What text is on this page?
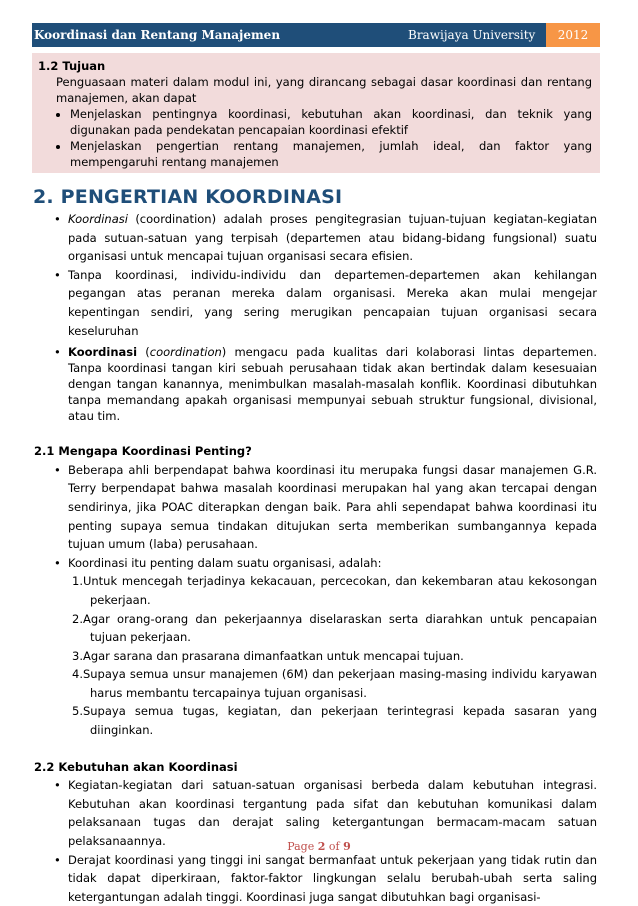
Koordinasi dan Rentang Manajemen	Brawijaya University	2012
1.2 Tujuan
Penguasaan materi dalam modul ini, yang dirancang sebagai dasar koordinasi dan rentang manajemen, akan dapat
• Menjelaskan pentingnya koordinasi, kebutuhan akan koordinasi, dan teknik yang digunakan pada pendekatan pencapaian koordinasi efektif
• Menjelaskan pengertian rentang manajemen, jumlah ideal, dan faktor yang mempengaruhi rentang manajemen
2. PENGERTIAN KOORDINASI
• Koordinasi (coordination) adalah proses pengitegrasian tujuan-tujuan kegiatan-kegiatan pada sutuan-satuan yang terpisah (departemen atau bidang-bidang fungsional) suatu organisasi untuk mencapai tujuan organisasi secara efisien.
• Tanpa koordinasi, individu-individu dan departemen-departemen akan kehilangan pegangan atas peranan mereka dalam organisasi. Mereka akan mulai mengejar kepentingan sendiri, yang sering merugikan pencapaian tujuan organisasi secara keseluruhan
• Koordinasi (coordination) mengacu pada kualitas dari kolaborasi lintas departemen. Tanpa koordinasi tangan kiri sebuah perusahaan tidak akan bertindak dalam kesesuaian dengan tangan kanannya, menimbulkan masalah-masalah konflik. Koordinasi dibutuhkan tanpa memandang apakah organisasi mempunyai sebuah struktur fungsional, divisional, atau tim.
2.1 Mengapa Koordinasi Penting?
• Beberapa ahli berpendapat bahwa koordinasi itu merupaka fungsi dasar manajemen G.R. Terry berpendapat bahwa masalah koordinasi merupakan hal yang akan tercapai dengan sendirinya, jika POAC diterapkan dengan baik. Para ahli sependapat bahwa koordinasi itu penting supaya semua tindakan ditujukan serta memberikan sumbangannya kepada tujuan umum (laba) perusahaan.
• Koordinasi itu penting dalam suatu organisasi, adalah:
1.Untuk mencegah terjadinya kekacauan, percecokan, dan kekembaran atau kekosongan pekerjaan.
2.Agar orang-orang dan pekerjaannya diselaraskan serta diarahkan untuk pencapaian tujuan pekerjaan.
3.Agar sarana dan prasarana dimanfaatkan untuk mencapai tujuan.
4.Supaya semua unsur manajemen (6M) dan pekerjaan masing-masing individu karyawan harus membantu tercapainya tujuan organisasi.
5.Supaya semua tugas, kegiatan, dan pekerjaan terintegrasi kepada sasaran yang diinginkan.
2.2 Kebutuhan akan Koordinasi
• Kegiatan-kegiatan dari satuan-satuan organisasi berbeda dalam kebutuhan integrasi. Kebutuhan akan koordinasi tergantung pada sifat dan kebutuhan komunikasi dalam pelaksanaan tugas dan derajat saling ketergantungan bermacam-macam satuan pelaksanaannya.
• Derajat koordinasi yang tinggi ini sangat bermanfaat untuk pekerjaan yang tidak rutin dan tidak dapat diperkiraan, faktor-faktor lingkungan selalu berubah-ubah serta saling ketergantungan adalah tinggi. Koordinasi juga sangat dibutuhkan bagi organisasi-
Page 2 of 9
